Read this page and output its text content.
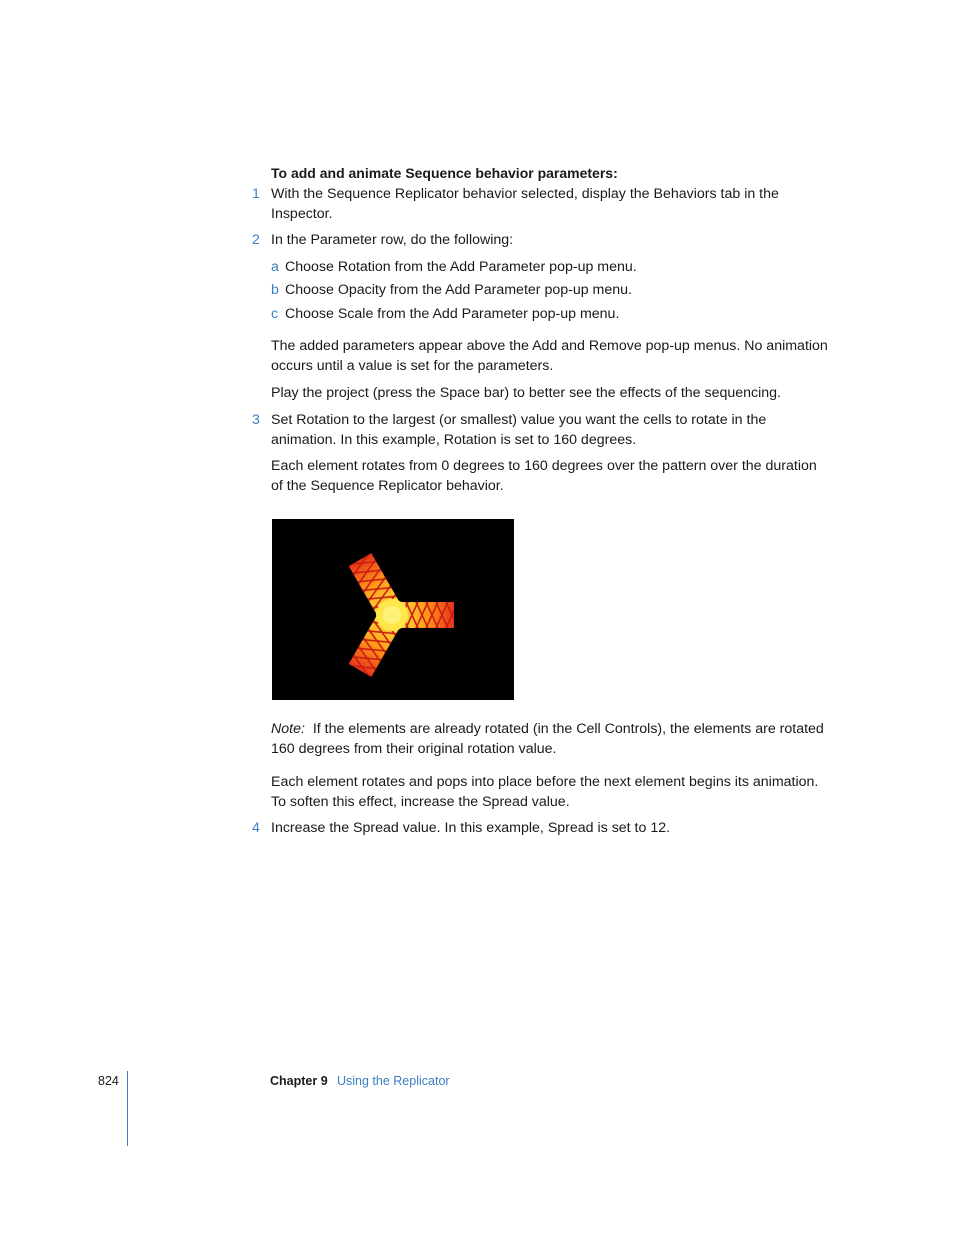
To add and animate Sequence behavior parameters:
1 With the Sequence Replicator behavior selected, display the Behaviors tab in the Inspector.
2 In the Parameter row, do the following:
a Choose Rotation from the Add Parameter pop-up menu.
b Choose Opacity from the Add Parameter pop-up menu.
c Choose Scale from the Add Parameter pop-up menu.
The added parameters appear above the Add and Remove pop-up menus. No animation occurs until a value is set for the parameters.
Play the project (press the Space bar) to better see the effects of the sequencing.
3 Set Rotation to the largest (or smallest) value you want the cells to rotate in the animation. In this example, Rotation is set to 160 degrees.
Each element rotates from 0 degrees to 160 degrees over the pattern over the duration of the Sequence Replicator behavior.
Note: If the elements are already rotated (in the Cell Controls), the elements are rotated 160 degrees from their original rotation value.
Each element rotates and pops into place before the next element begins its animation. To soften this effect, increase the Spread value.
4 Increase the Spread value. In this example, Spread is set to 12.
824	Chapter 9 Using the Replicator
